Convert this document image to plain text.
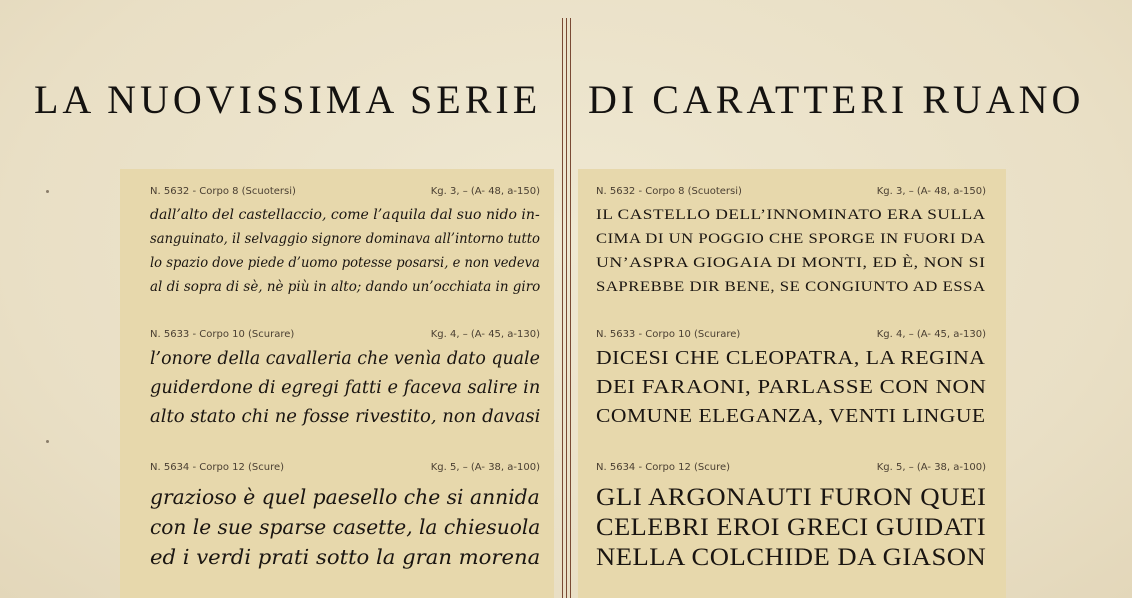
LA NUOVISSIMA SERIE DI CARATTERI RUANO
N. 5632 - Corpo 8 (Scuotersi)	Kg. 3, – (A- 48, a-150)
dall’alto del castellaccio, come l’aquila dal suo nido in-
sanguinato, il selvaggio signore dominava all’intorno tutto
lo spazio dove piede d’uomo potesse posarsi, e non vedeva
al di sopra di sè, nè più in alto; dando un’occhiata in giro
N. 5633 - Corpo 10 (Scurare)	Kg. 4, – (A- 45, a-130)
l’onore della cavalleria che venìa dato quale
guiderdone di egregi fatti e faceva salire in
alto stato chi ne fosse rivestito, non davasi
N. 5634 - Corpo 12 (Scure)	Kg. 5, – (A- 38, a-100)
grazioso è quel paesello che si annida
con le sue sparse casette, la chiesuola
ed i verdi prati sotto la gran morena
N. 5632 - Corpo 8 (Scuotersi)	Kg. 3, – (A- 48, a-150)
IL CASTELLO DELL’INNOMINATO ERA SULLA
CIMA DI UN POGGIO CHE SPORGE IN FUORI DA
UN’ASPRA GIOGAIA DI MONTI, ED È, NON SI
SAPREBBE DIR BENE, SE CONGIUNTO AD ESSA
N. 5633 - Corpo 10 (Scurare)	Kg. 4, – (A- 45, a-130)
DICESI CHE CLEOPATRA, LA REGINA
DEI FARAONI, PARLASSE CON NON
COMUNE ELEGANZA, VENTI LINGUE
N. 5634 - Corpo 12 (Scure)	Kg. 5, – (A- 38, a-100)
GLI ARGONAUTI FURON QUEI
CELEBRI EROI GRECI GUIDATI
NELLA COLCHIDE DA GIASON
